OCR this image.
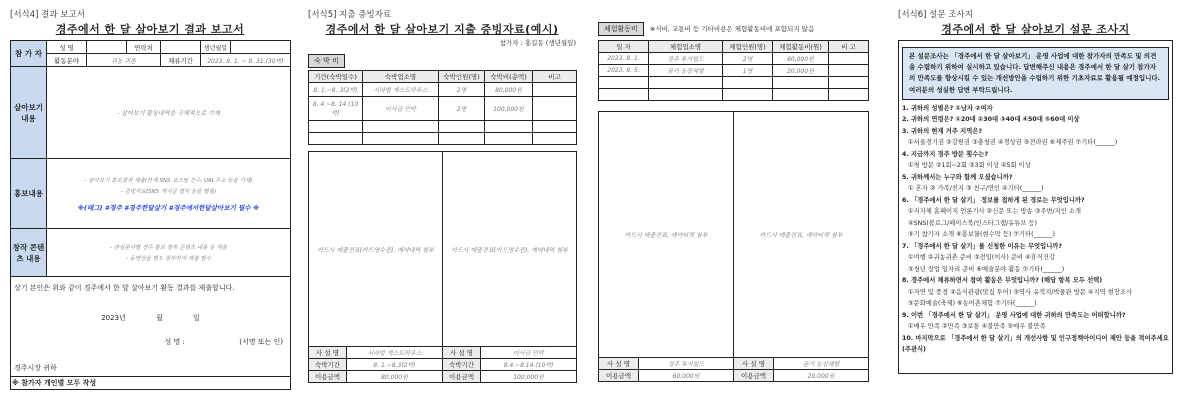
[서식4] 결과 보고서
경주에서 한 달 살아보기 결과 보고서
참 가 자	성 명		연락처		생년월일	
	활동분야	귀농 귀촌		체류기간	2023. 8. 1. ~ 8. 31.(30박)	
살아보기 내용	- 살아보기 활동내역을 구체적으로 기재					
홍보내용	- 살아보기 홍보결과 제출(한계 SNS 포스팅 건수, URL주소 등을 기재)
- 증빙자료(SNS 게시글 캡처 등을 별첨)
※(태그) #경주 #경주한달살기 #경주에서한달살아보기 필수 ※					

창작 콘텐츠 내용	- 관심분야별 경주 홍보 창작 콘텐츠 내용 등 제출
- 동영상을 별도 첨부하여 제출 필수					

상기 본인은 위와 같이 경주에서 한 달 살아보기 활동 결과를 제출합니다.
2023년 월 일
성 명 : (서명 또는 인)
경주시장 귀하						

※ 참가자 개인별 모두 작성						
[서식5] 지출 증빙자료
경주에서 한 달 살아보기 지출 증빙자료(예시)
참가자 : 홍길동 (생년월일)
숙 박 비
기간(숙박일수)	숙박업소명	숙박인원(명)	숙박비(총액)	비고
8. 1.~8. 3(2박)	서라벌 게스트하우스	2명	80,000원	
8. 4.~8. 14.(10박)	이사금 민박	2명	100,000원	

카드사 매출전표(카드영수증), 예약내역 첨부		카드사 매출전표(카드영수증), 예약내역 첨부	
사 설 명	서라벌 게스트하우스	사 설 명	이사금 민박
숙박기간	8. 1.~8.3(2박)	숙박기간	8.4.~8.14.(10박)
이용금액	80,000원	이용금액	100,000원
체험활동비 ※식비, 교통비 등 기타비용은 체험활동비에 포함되지 않음
일 자	체험업소명	체험인원(명)	체험활동비(원)	비 고
2023. 8. 1.	경주 투지월드	2명	60,000원	
2023. 8. 5.	꿈기 농장체험	1명	20,000원	

카드사 매출전표, 예약티켓 첨부		카드사 매출전표, 예약티켓 첨부	
사 설 명	경주 투지월드	사 설 명	꿀기 농장체험
이용금액	60,000원	이용금액	20,000원
[서식6] 설문 조사지
경주에서 한 달 살아보기 설문 조사지
본 설문조사는 「경주에서 한 달 살아보기」 운영 사업에 대한 참가자의 만족도 및 의견을 수렴하기 위하여 실시하고 있습니다. 답변해주신 내용은 경주에서 한 달 살기 참가자의 만족도를 향상시킬 수 있는 개선방안을 수립하기 위한 기초자료로 활용될 예정입니다. 여러분의 성실한 답변 부탁드립니다.
1. 귀하의 성별은? ①남자 ②여자
2. 귀하의 연령은? ①20대 ②30대 ③40대 ④50대 ⑤60대 이상
3. 귀하의 현재 거주 지역은?
①서울경기권 ②강원권 ③충청권 ④경상권 ⑤전라권 ⑥제주권 ⑦기타(______)
4. 지금까지 경주 방문 횟수는?
①첫 방문 ②1회~2회 ③3회 이상 ④5회 이상
5. 귀하께서는 누구와 함께 오셨습니까?
① 혼자 ② 가족/친지 ③ 친구/연인 ④기타(______)
6. 「경주에서 한 달 살기」 정보를 접하게 된 경로는 무엇입니까?
①지자체 홈페이지 언론기사 ②신문 또는 방송 ③주변/지인 소개
④SNS(블로그/페이스북/인스타그램/유튜브 등)
⑤기 참가자 소개 ⑥홍보물(현수막 등) ⑦기타(______)
7. 「경주에서 한 달 살기」를 신청한 이유는 무엇입니까?
①여행 ②귀농귀촌 준비 ③전입(이사) 준비 ④휴식건강
⑤청년 창업 일자리 준비 ⑥예술분야 활동 ⑦기타(______)
8. 경주에서 체류하면서 참여 활동은 무엇입니까? (해당 항목 모두 선택)
①자연 및 풍경 ②음식관광(맛집 투어) ③역사 유적지/박물관 방문 ④지역 현장조사
⑤문화예술(축제) ⑥농어촌체험 ⑦기타(______)
9. 이번 「경주에서 한 달 살기」 운영 사업에 대한 귀하의 만족도는 어떠합니까?
①매우 만족 ②만족 ③보통 ④불만족 ⑤매우 불만족
10. 마지막으로 「경주에서 한 달 살기」의 개선사항 및 인구정책아이디어 제안 등을 적어주세요(주관식)
